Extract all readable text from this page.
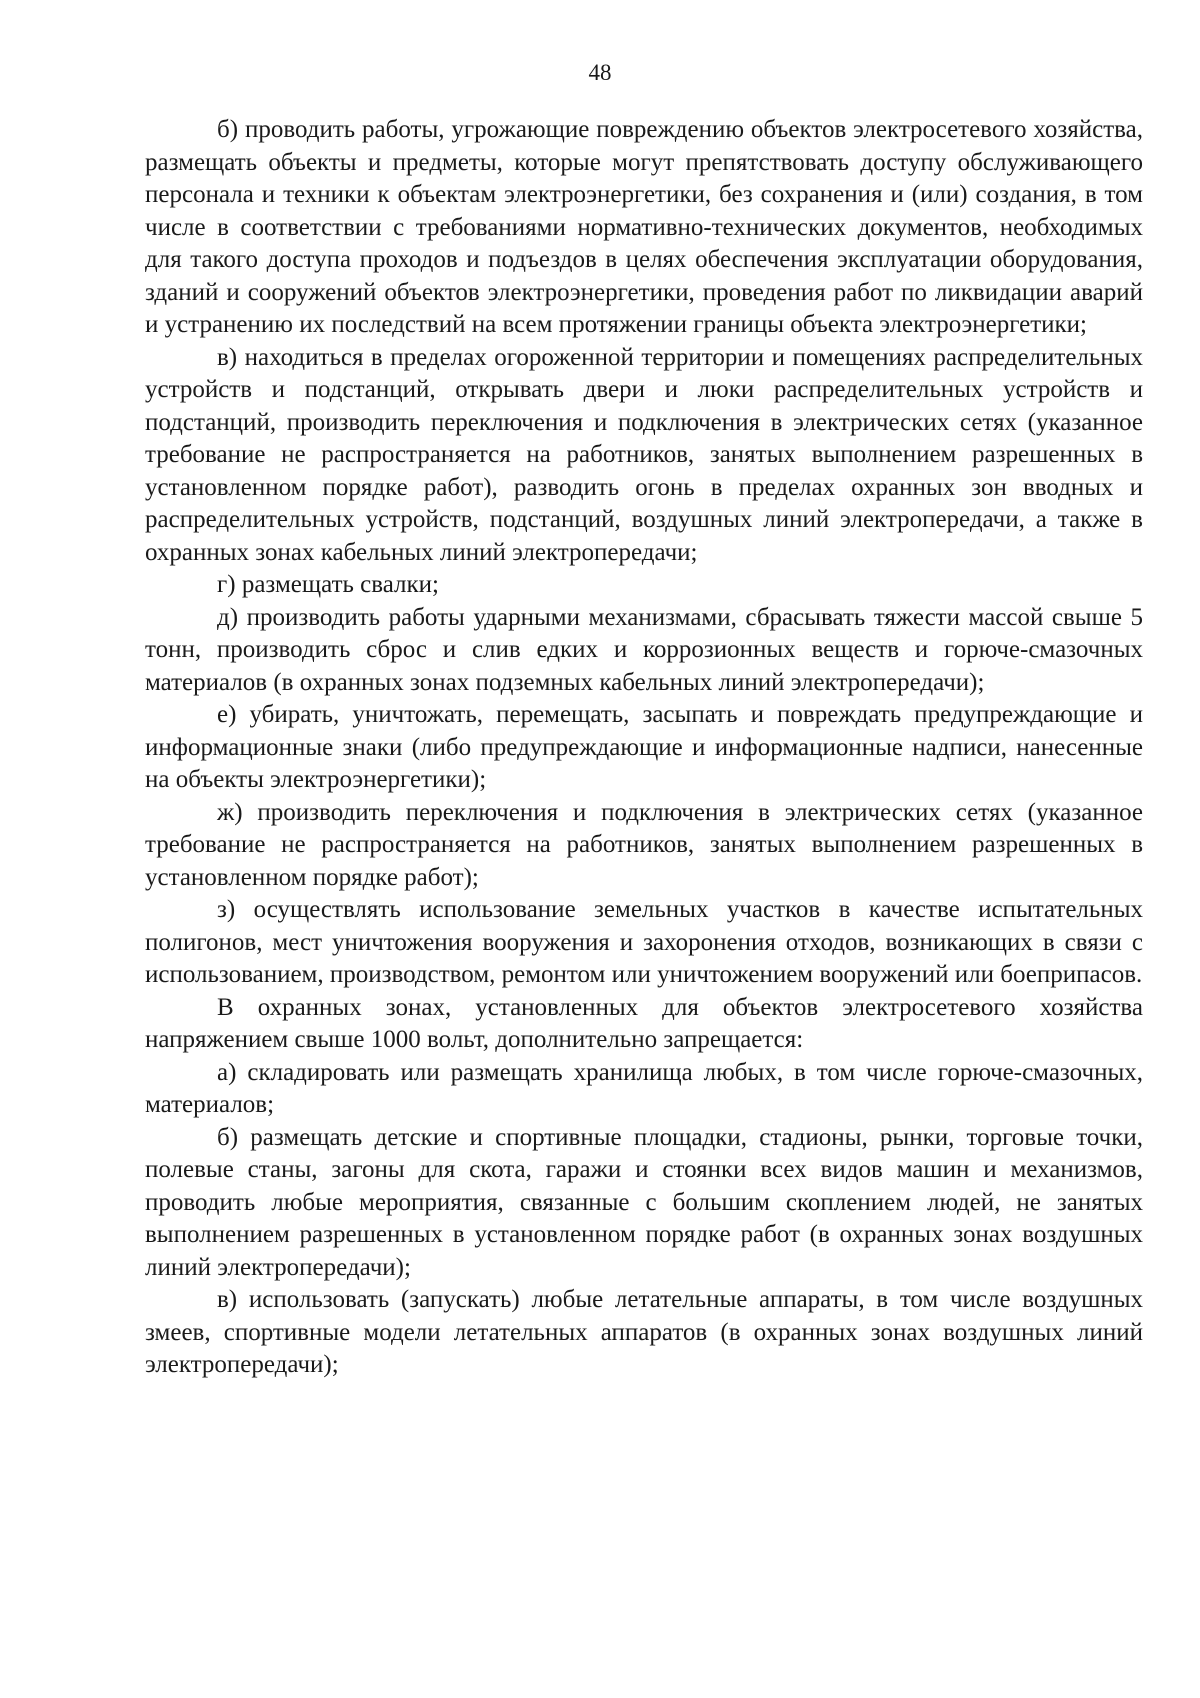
48

б) проводить работы, угрожающие повреждению объектов электросетевого хозяйства, размещать объекты и предметы, которые могут препятствовать доступу обслуживающего персонала и техники к объектам электроэнергетики, без сохранения и (или) создания, в том числе в соответствии с требованиями нормативно-технических документов, необходимых для такого доступа проходов и подъездов в целях обеспечения эксплуатации оборудования, зданий и сооружений объектов электроэнергетики, проведения работ по ликвидации аварий и устранению их последствий на всем протяжении границы объекта электроэнергетики;

в) находиться в пределах огороженной территории и помещениях распределительных устройств и подстанций, открывать двери и люки распределительных устройств и подстанций, производить переключения и подключения в электрических сетях (указанное требование не распространяется на работников, занятых выполнением разрешенных в установленном порядке работ), разводить огонь в пределах охранных зон вводных и распределительных устройств, подстанций, воздушных линий электропередачи, а также в охранных зонах кабельных линий электропередачи;

г) размещать свалки;

д) производить работы ударными механизмами, сбрасывать тяжести массой свыше 5 тонн, производить сброс и слив едких и коррозионных веществ и горюче-смазочных материалов (в охранных зонах подземных кабельных линий электропередачи);

е) убирать, уничтожать, перемещать, засыпать и повреждать предупреждающие и информационные знаки (либо предупреждающие и информационные надписи, нанесенные на объекты электроэнергетики);

ж) производить переключения и подключения в электрических сетях (указанное требование не распространяется на работников, занятых выполнением разрешенных в установленном порядке работ);

з) осуществлять использование земельных участков в качестве испытательных полигонов, мест уничтожения вооружения и захоронения отходов, возникающих в связи с использованием, производством, ремонтом или уничтожением вооружений или боеприпасов.

В охранных зонах, установленных для объектов электросетевого хозяйства напряжением свыше 1000 вольт, дополнительно запрещается:

а) складировать или размещать хранилища любых, в том числе горюче-смазочных, материалов;

б) размещать детские и спортивные площадки, стадионы, рынки, торговые точки, полевые станы, загоны для скота, гаражи и стоянки всех видов машин и механизмов, проводить любые мероприятия, связанные с большим скоплением людей, не занятых выполнением разрешенных в установленном порядке работ (в охранных зонах воздушных линий электропередачи);

в) использовать (запускать) любые летательные аппараты, в том числе воздушных змеев, спортивные модели летательных аппаратов (в охранных зонах воздушных линий электропередачи);
